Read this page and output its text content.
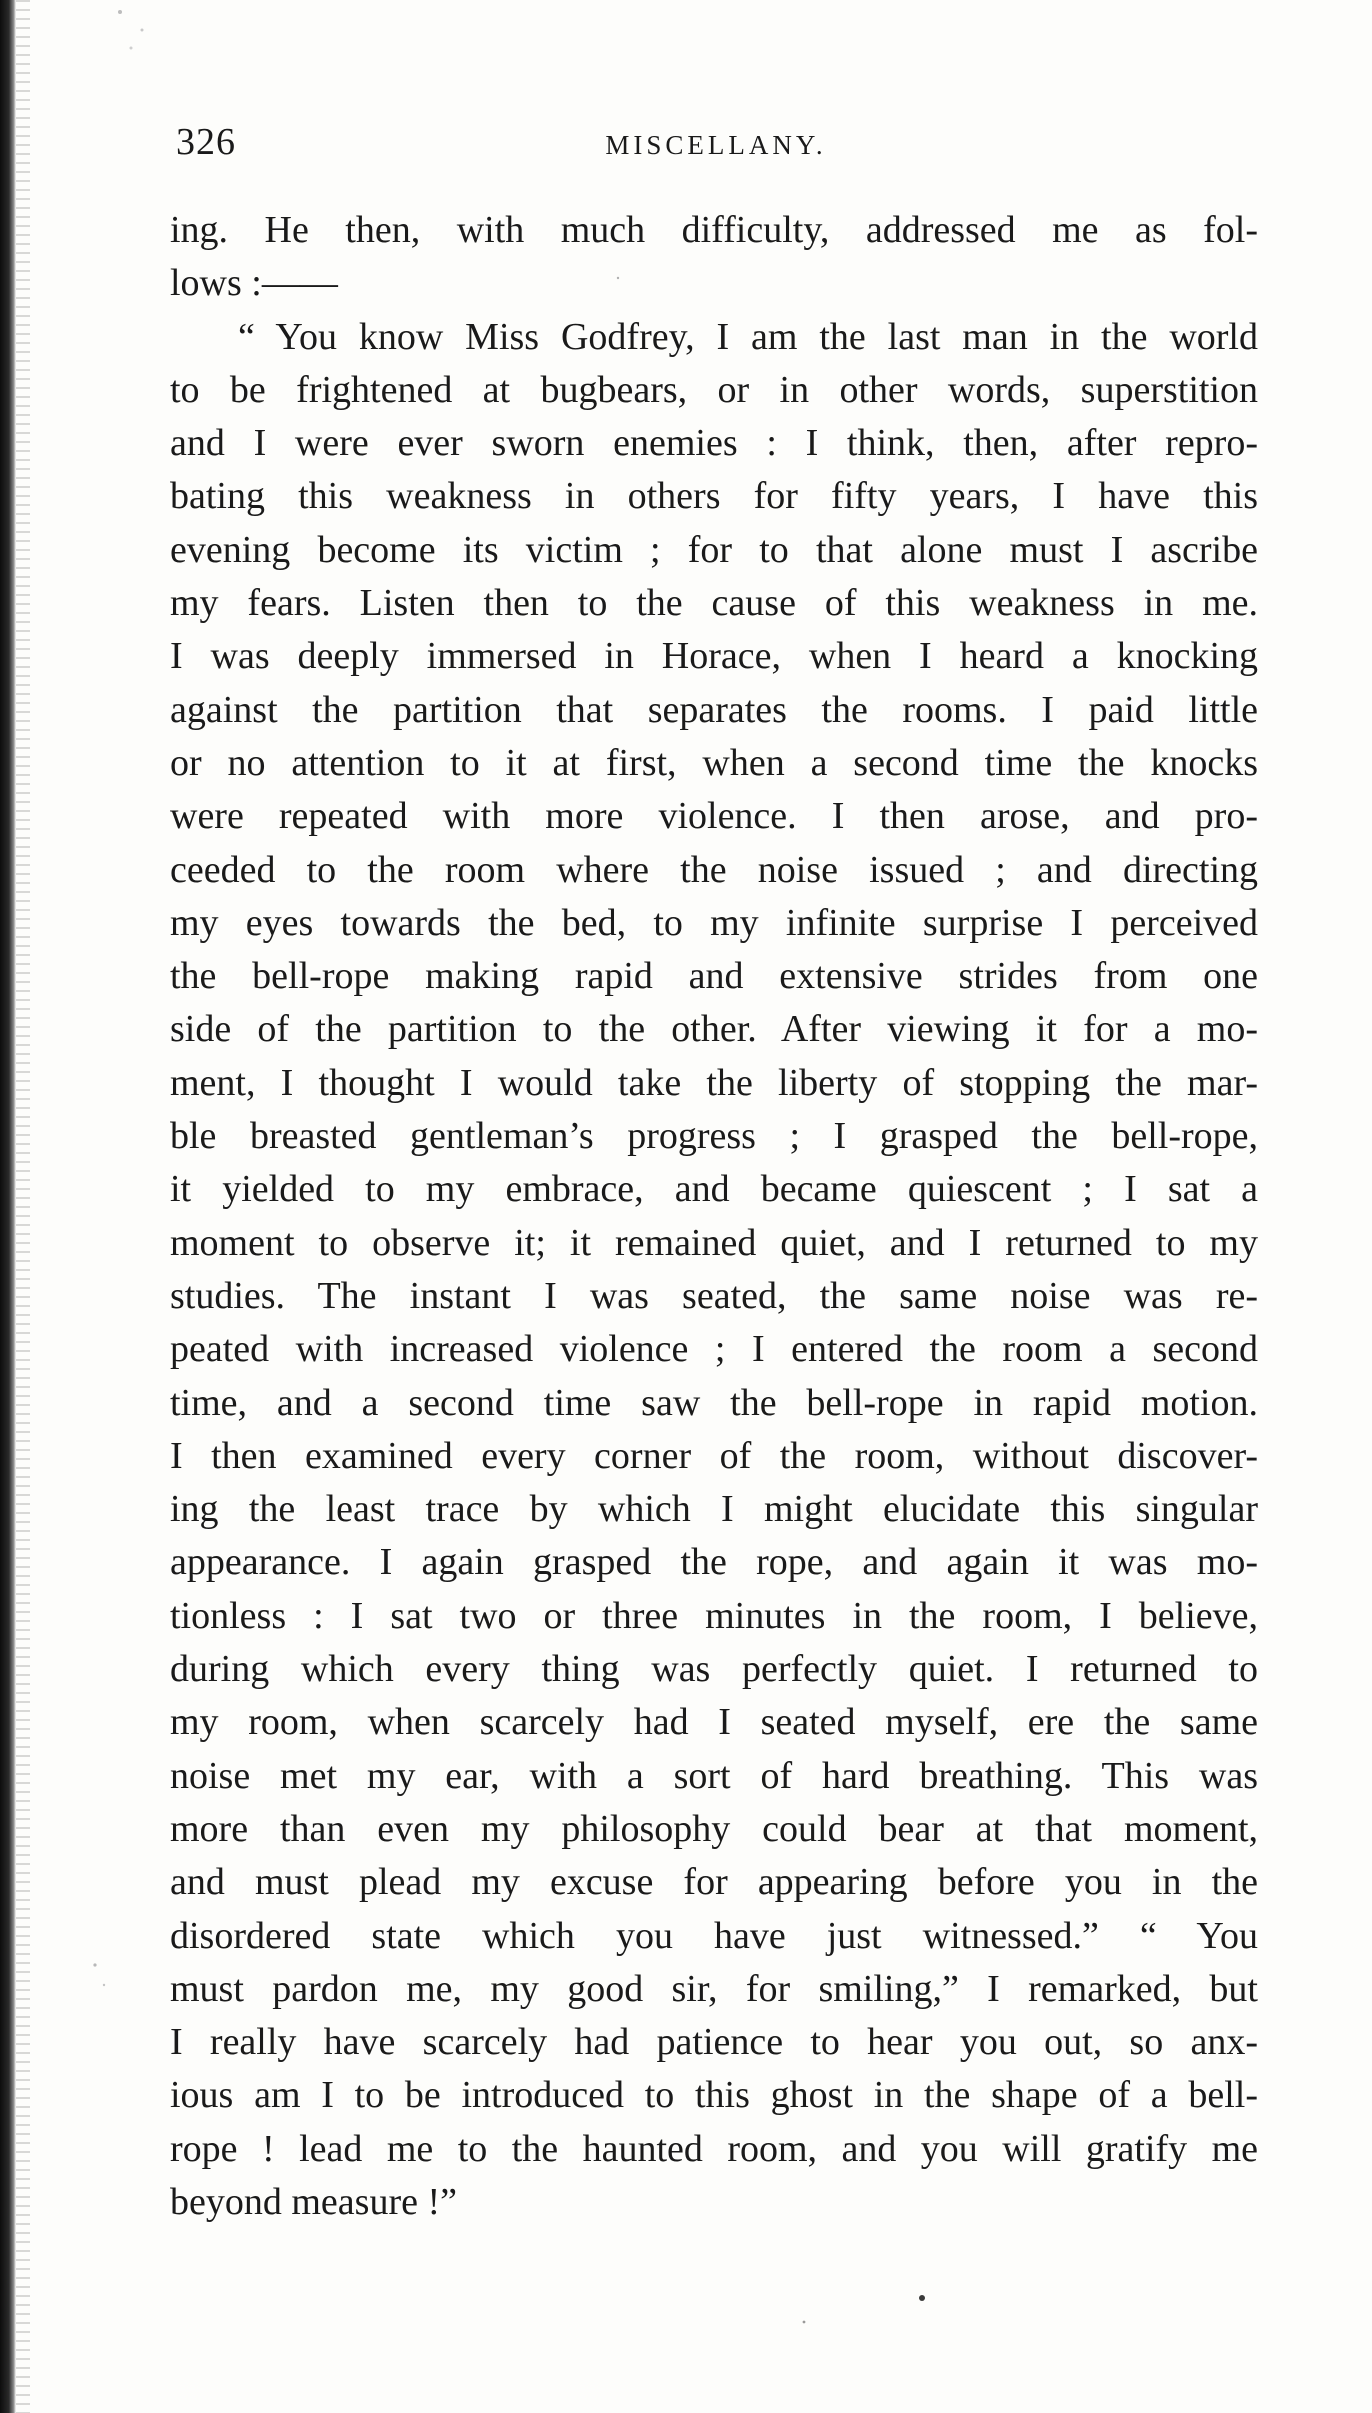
326	MISCELLANY.
ing. He then, with much difficulty, addressed me as fol-
lows :——
“ You know Miss Godfrey, I am the last man in the world
to be frightened at bugbears, or in other words, superstition
and I were ever sworn enemies : I think, then, after repro-
bating this weakness in others for fifty years, I have this
evening become its victim ; for to that alone must I ascribe
my fears. Listen then to the cause of this weakness in me.
I was deeply immersed in Horace, when I heard a knocking
against the partition that separates the rooms. I paid little
or no attention to it at first, when a second time the knocks
were repeated with more violence. I then arose, and pro-
ceeded to the room where the noise issued ; and directing
my eyes towards the bed, to my infinite surprise I perceived
the bell-rope making rapid and extensive strides from one
side of the partition to the other. After viewing it for a mo-
ment, I thought I would take the liberty of stopping the mar-
ble breasted gentleman’s progress ; I grasped the bell-rope,
it yielded to my embrace, and became quiescent ; I sat a
moment to observe it; it remained quiet, and I returned to my
studies. The instant I was seated, the same noise was re-
peated with increased violence ; I entered the room a second
time, and a second time saw the bell-rope in rapid motion.
I then examined every corner of the room, without discover-
ing the least trace by which I might elucidate this singular
appearance. I again grasped the rope, and again it was mo-
tionless : I sat two or three minutes in the room, I believe,
during which every thing was perfectly quiet. I returned to
my room, when scarcely had I seated myself, ere the same
noise met my ear, with a sort of hard breathing. This was
more than even my philosophy could bear at that moment,
and must plead my excuse for appearing before you in the
disordered state which you have just witnessed.” “ You
must pardon me, my good sir, for smiling,” I remarked, but
I really have scarcely had patience to hear you out, so anx-
ious am I to be introduced to this ghost in the shape of a bell-
rope ! lead me to the haunted room, and you will gratify me
beyond measure !”
